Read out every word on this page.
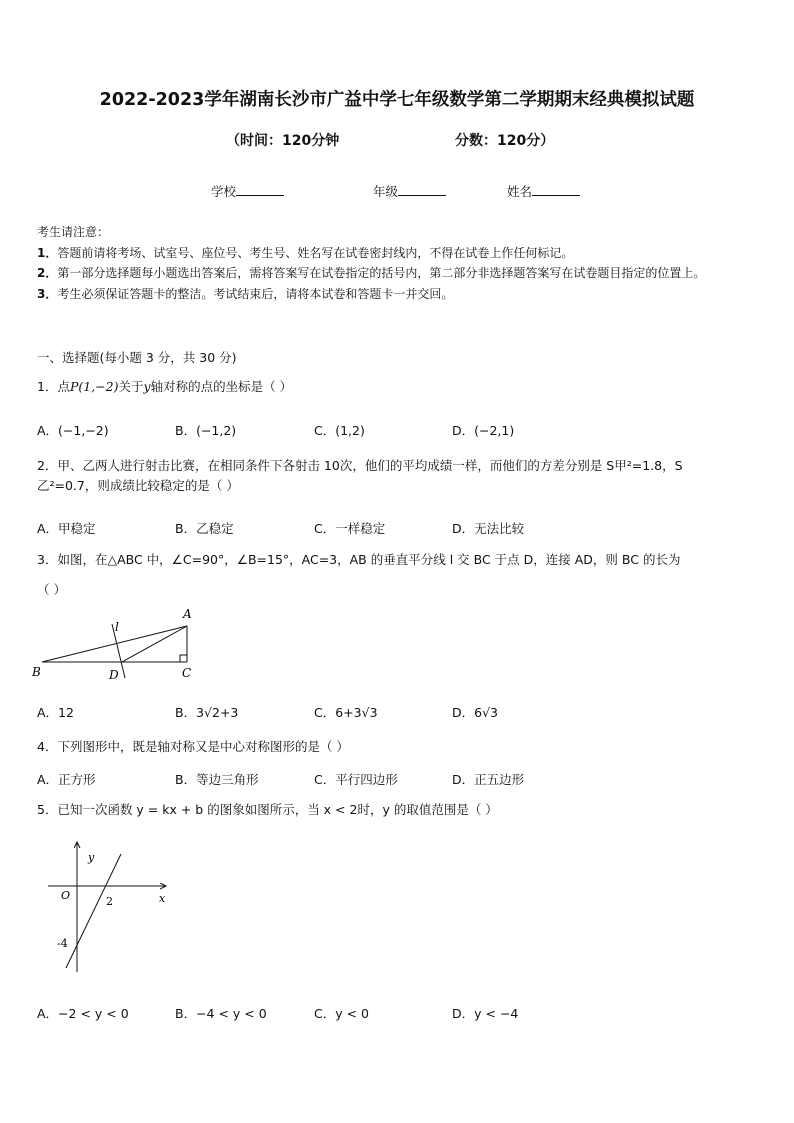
2022-2023学年湖南长沙市广益中学七年级数学第二学期期末经典模拟试题
（时间：120分钟	分数：120分）
学校	年级	姓名
考生请注意：
1．答题前请将考场、试室号、座位号、考生号、姓名写在试卷密封线内，不得在试卷上作任何标记。
2．第一部分选择题每小题选出答案后，需将答案写在试卷指定的括号内，第二部分非选择题答案写在试卷题目指定的位置上。
3．考生必须保证答题卡的整洁。考试结束后，请将本试卷和答题卡一并交回。
一、选择题(每小题 3 分，共 30 分)
1．点P(1,−2)关于y轴对称的点的坐标是（ ）
A．(−1,−2)	B．(−1,2)	C．(1,2)	D．(−2,1)
2．甲、乙两人进行射击比赛，在相同条件下各射击 10次，他们的平均成绩一样，而他们的方差分别是 S甲²=1.8，S
乙²=0.7，则成绩比较稳定的是（ ）
A．甲稳定	B．乙稳定	C．一样稳定	D．无法比较
3．如图，在△ABC 中，∠C=90°，∠B=15°，AC=3，AB 的垂直平分线 l 交 BC 于点 D，连接 AD，则 BC 的长为
（ ）
B	D	C
A
l
A．12	B．3√2+3	C．6+3√3	D．6√3
4．下列图形中，既是轴对称又是中心对称图形的是（ ）
A．正方形	B．等边三角形	C．平行四边形	D．正五边形
5．已知一次函数 y = kx + b 的图象如图所示，当 x < 2时，y 的取值范围是（ ）
y
x
O	2
-4
A．−2 < y < 0	B．−4 < y < 0	C．y < 0	D．y < −4
